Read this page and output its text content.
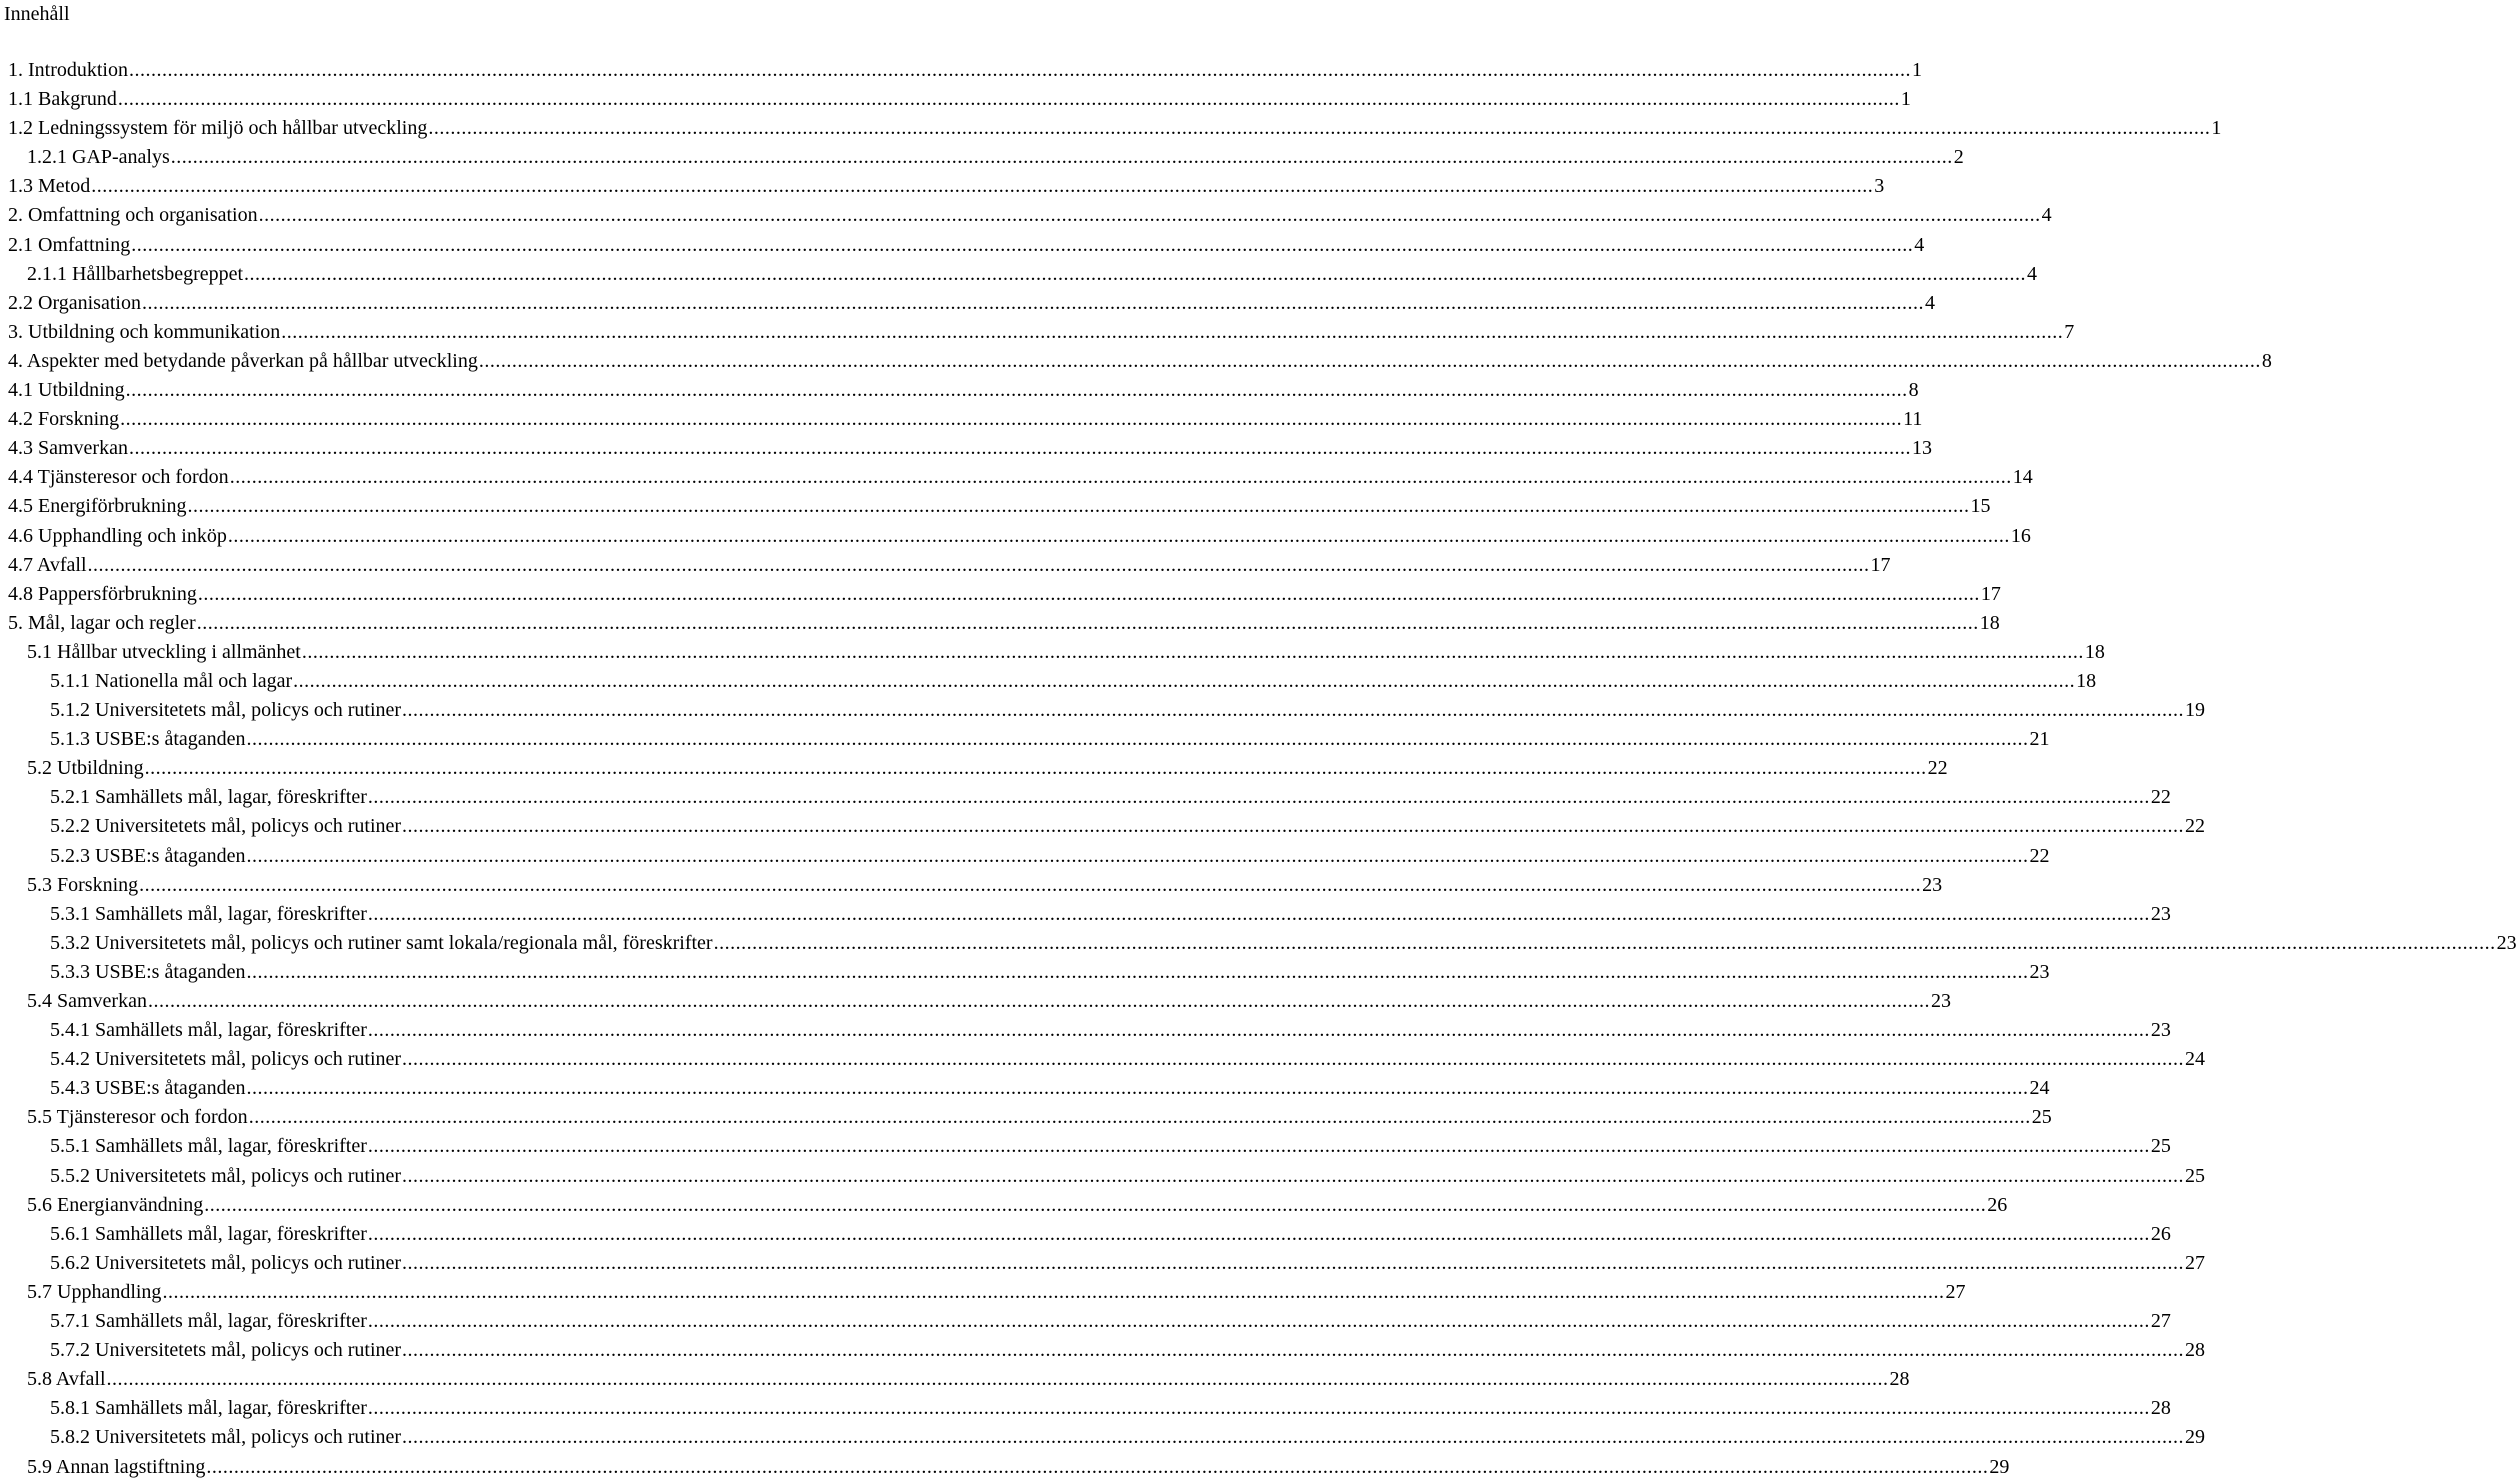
Innehåll
1. Introduktion .....	1
1.1 Bakgrund .....	1
1.2 Ledningssystem för miljö och hållbar utveckling .....	1
1.2.1 GAP-analys .....	2
1.3 Metod .....	3
2. Omfattning och organisation .....	4
2.1 Omfattning .....	4
2.1.1 Hållbarhetsbegreppet .....	4
2.2 Organisation .....	4
3. Utbildning och kommunikation .....	7
4. Aspekter med betydande påverkan på hållbar utveckling .....	8
4.1 Utbildning .....	8
4.2 Forskning .....	11
4.3 Samverkan .....	13
4.4 Tjänsteresor och fordon .....	14
4.5 Energiförbrukning .....	15
4.6 Upphandling och inköp .....	16
4.7 Avfall .....	17
4.8 Pappersförbrukning .....	17
5. Mål, lagar och regler .....	18
5.1 Hållbar utveckling i allmänhet .....	18
5.1.1 Nationella mål och lagar .....	18
5.1.2 Universitetets mål, policys och rutiner .....	19
5.1.3 USBE:s åtaganden .....	21
5.2 Utbildning .....	22
5.2.1 Samhällets mål, lagar, föreskrifter .....	22
5.2.2 Universitetets mål, policys och rutiner .....	22
5.2.3 USBE:s åtaganden .....	22
5.3 Forskning .....	23
5.3.1 Samhällets mål, lagar, föreskrifter .....	23
5.3.2 Universitetets mål, policys och rutiner samt lokala/regionala mål, föreskrifter .....	23
5.3.3 USBE:s åtaganden .....	23
5.4 Samverkan .....	23
5.4.1 Samhällets mål, lagar, föreskrifter .....	23
5.4.2 Universitetets mål, policys och rutiner .....	24
5.4.3 USBE:s åtaganden .....	24
5.5 Tjänsteresor och fordon .....	25
5.5.1 Samhällets mål, lagar, föreskrifter .....	25
5.5.2 Universitetets mål, policys och rutiner .....	25
5.6 Energianvändning .....	26
5.6.1 Samhällets mål, lagar, föreskrifter .....	26
5.6.2 Universitetets mål, policys och rutiner .....	27
5.7 Upphandling .....	27
5.7.1 Samhällets mål, lagar, föreskrifter .....	27
5.7.2 Universitetets mål, policys och rutiner .....	28
5.8 Avfall .....	28
5.8.1 Samhällets mål, lagar, föreskrifter .....	28
5.8.2 Universitetets mål, policys och rutiner .....	29
5.9 Annan lagstiftning .....	29
